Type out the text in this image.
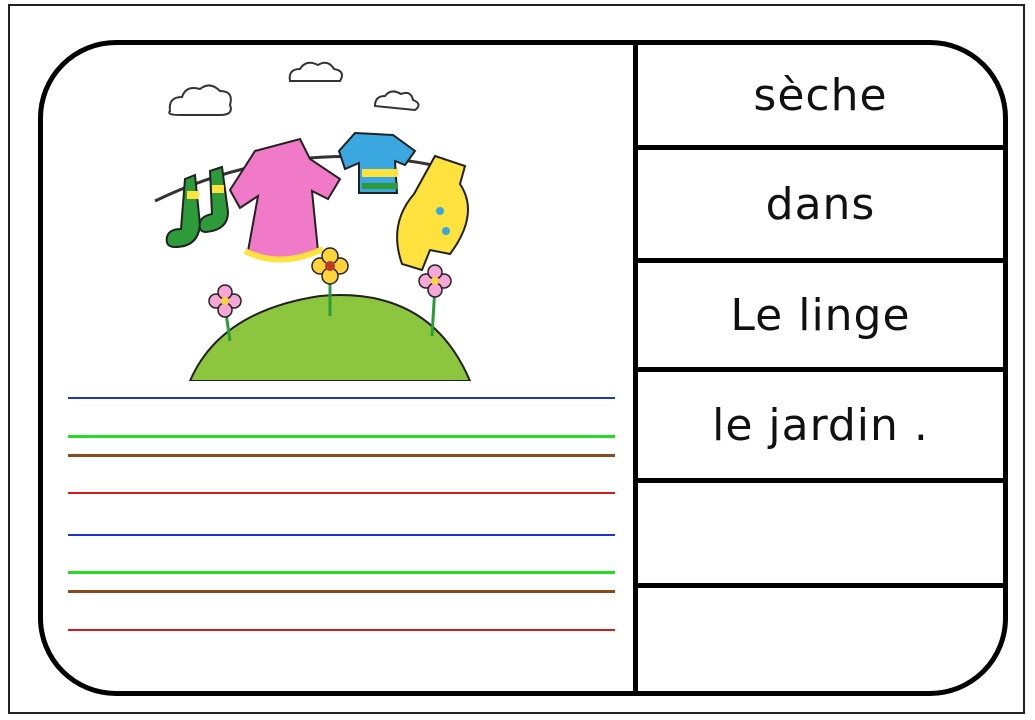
sèche
dans
Le linge
le jardin .
